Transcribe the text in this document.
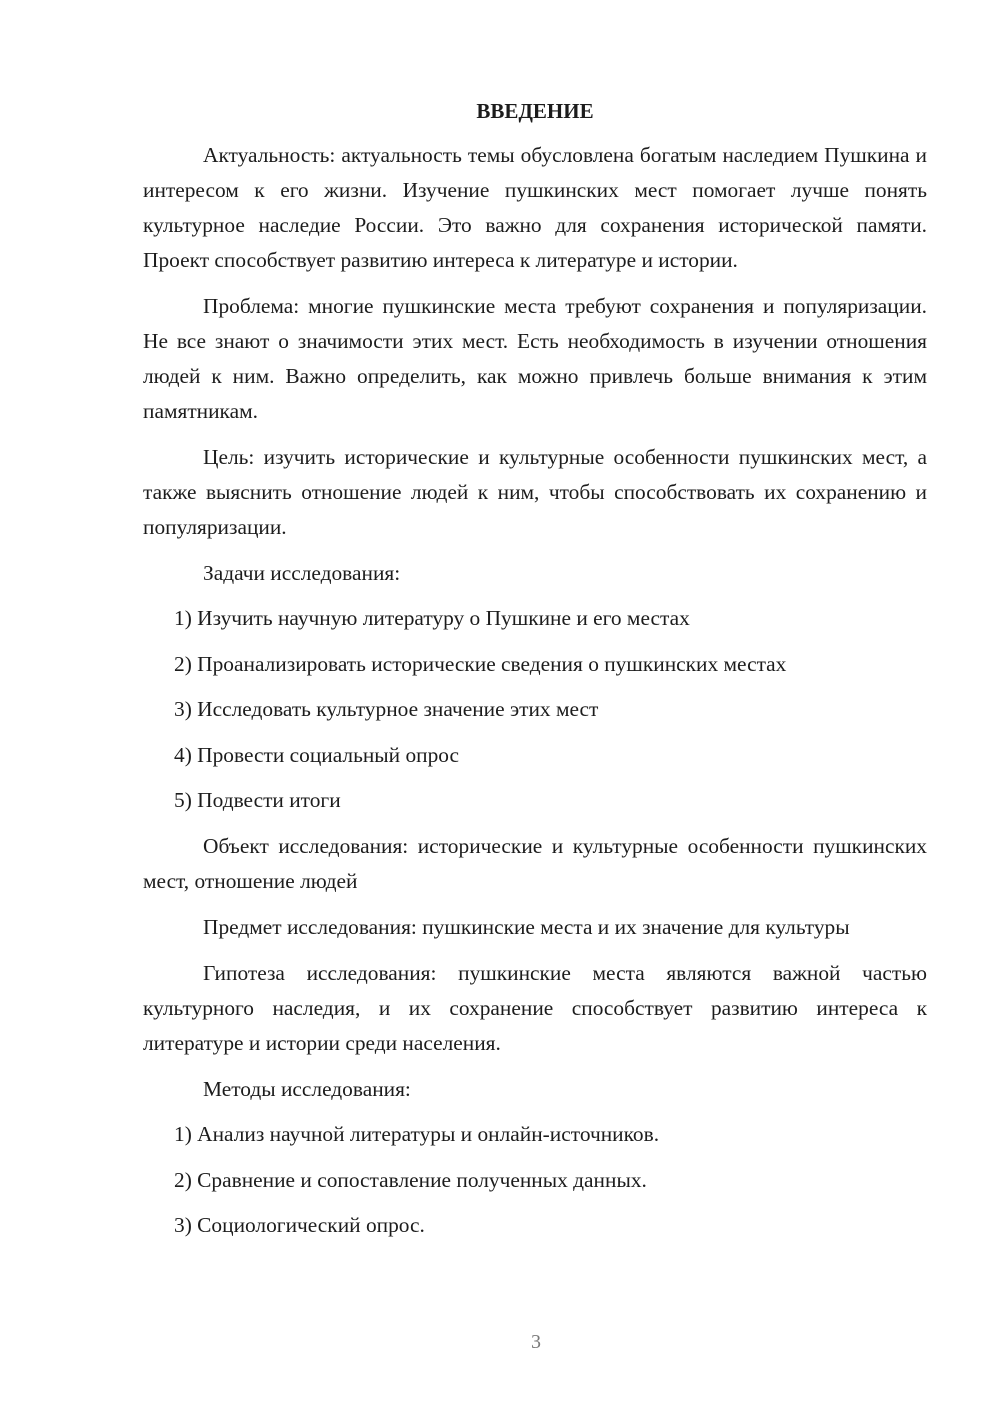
ВВЕДЕНИЕ

Актуальность: актуальность темы обусловлена богатым наследием Пушкина и интересом к его жизни. Изучение пушкинских мест помогает лучше понять культурное наследие России. Это важно для сохранения исторической памяти. Проект способствует развитию интереса к литературе и истории.

Проблема: многие пушкинские места требуют сохранения и популяризации. Не все знают о значимости этих мест. Есть необходимость в изучении отношения людей к ним. Важно определить, как можно привлечь больше внимания к этим памятникам.

Цель: изучить исторические и культурные особенности пушкинских мест, а также выяснить отношение людей к ним, чтобы способствовать их сохранению и популяризации.

Задачи исследования:

1) Изучить научную литературу о Пушкине и его местах
2) Проанализировать исторические сведения о пушкинских местах
3) Исследовать культурное значение этих мест
4) Провести социальный опрос
5) Подвести итоги

Объект исследования: исторические и культурные особенности пушкинских мест, отношение людей

Предмет исследования: пушкинские места и их значение для культуры

Гипотеза исследования: пушкинские места являются важной частью культурного наследия, и их сохранение способствует развитию интереса к литературе и истории среди населения.

Методы исследования:

1) Анализ научной литературы и онлайн-источников.
2) Сравнение и сопоставление полученных данных.
3) Социологический опрос.
3
